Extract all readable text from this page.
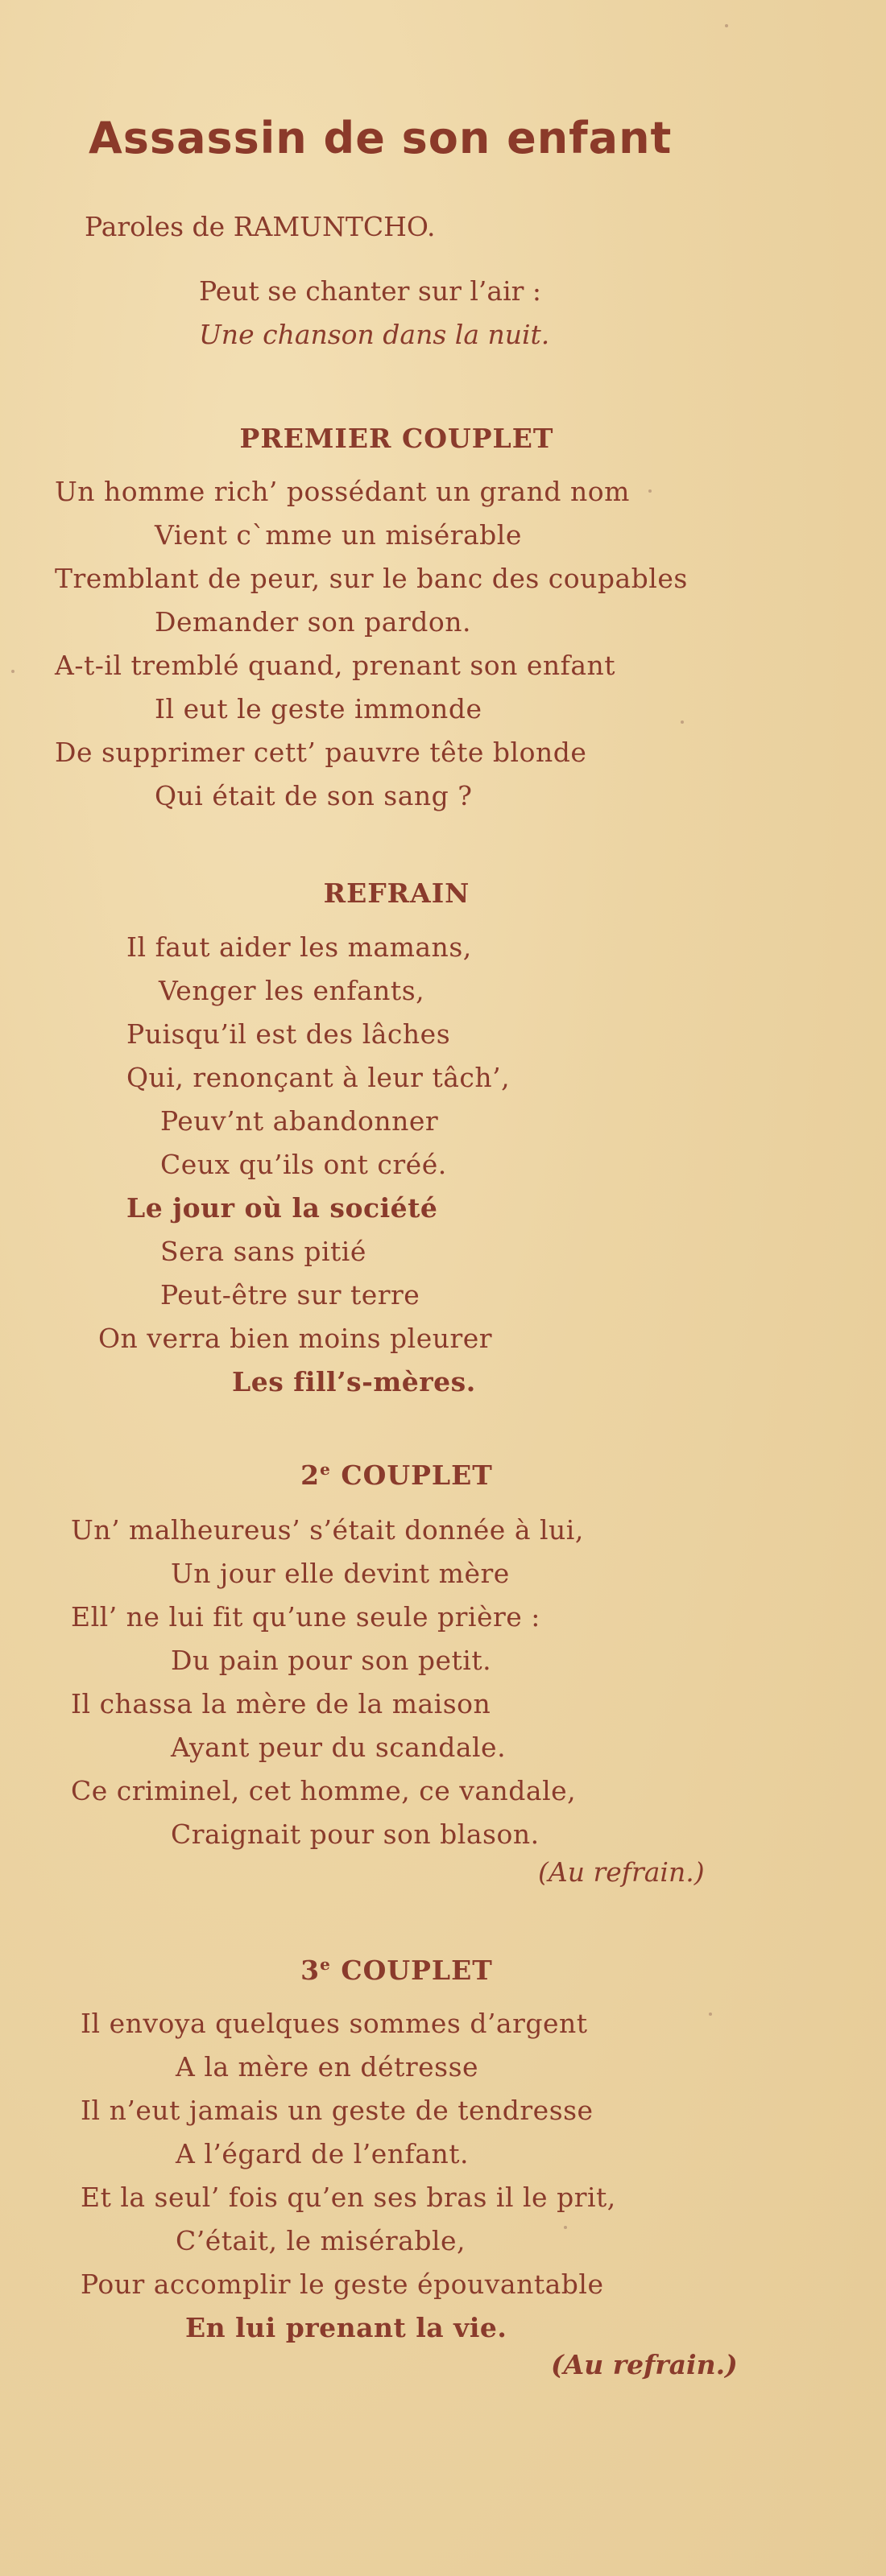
Assassin de son enfant
Paroles de RAMUNTCHO.
Peut se chanter sur l’air :
Une chanson dans la nuit.
PREMIER COUPLET
Un homme rich’ possédant un grand nom
Vient c`mme un misérable
Tremblant de peur, sur le banc des coupables
Demander son pardon.
A-t-il tremblé quand, prenant son enfant
Il eut le geste immonde
De supprimer cett’ pauvre tête blonde
Qui était de son sang ?
REFRAIN
Il faut aider les mamans,
Venger les enfants,
Puisqu’il est des lâches
Qui, renonçant à leur tâch’,
Peuv’nt abandonner
Ceux qu’ils ont créé.
Le jour où la société
Sera sans pitié
Peut-être sur terre
On verra bien moins pleurer
Les fill’s-mères.
2e COUPLET
Un’ malheureus’ s’était donnée à lui,
Un jour elle devint mère
Ell’ ne lui fit qu’une seule prière :
Du pain pour son petit.
Il chassa la mère de la maison
Ayant peur du scandale.
Ce criminel, cet homme, ce vandale,
Craignait pour son blason.
(Au refrain.)
3e COUPLET
Il envoya quelques sommes d’argent
A la mère en détresse
Il n’eut jamais un geste de tendresse
A l’égard de l’enfant.
Et la seul’ fois qu’en ses bras il le prit,
C’était, le misérable,
Pour accomplir le geste épouvantable
En lui prenant la vie.
(Au refrain.)
